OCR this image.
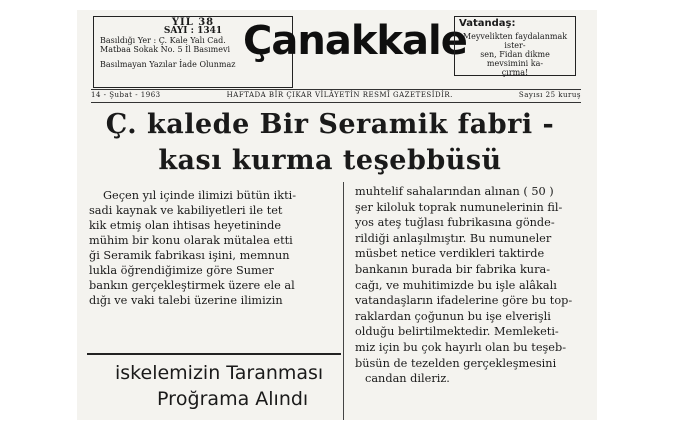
YIL 38
SAYI : 1341
Basıldığı Yer : Ç. Kale Yalı Cad.
Matbaa Sokak No. 5 İl Basımevi
Basılmayan Yazılar İade Olunmaz
Çanakkale
Vatandaş:
Meyvelikten faydalanmak ister-
sen, Fidan dikme mevsimini ka-
çırma!
14 - Şubat - 1963	HAFTADA BİR ÇIKAR VİLÂYETİN RESMÎ GAZETESİDİR.	Sayısı 25 kuruş
Ç. kalede Bir Seramik fabri -
kası kurma teşebbüsü
Geçen yıl içinde ilimizi bütün ikti-
sadi kaynak ve kabiliyetleri ile tet
kik etmiş olan ihtisas heyetininde
mühim bir konu olarak mütalea etti
ği Seramik fabrikası işini, memnun
lukla öğrendiğimize göre Sumer
bankın gerçekleştirmek üzere ele al
dığı ve vaki talebi üzerine ilimizin
muhtelif sahalarından alınan ( 50 )
şer kiloluk toprak numunelerinin fil-
yos ateş tuğlası fubrikasına gönde-
rildiği anlaşılmıştır. Bu numuneler
müsbet netice verdikleri taktirde
bankanın burada bir fabrika kura-
cağı, ve muhitimizde bu işle alâkalı
vatandaşların ifadelerine göre bu top-
raklardan çoğunun bu işe elverişli
olduğu belirtilmektedir. Memleketi-
miz için bu çok hayırlı olan bu teşeb-
büsün de tezelden gerçekleşmesini
candan dileriz.
iskelemizin Taranması
Prоğrama Alındı
